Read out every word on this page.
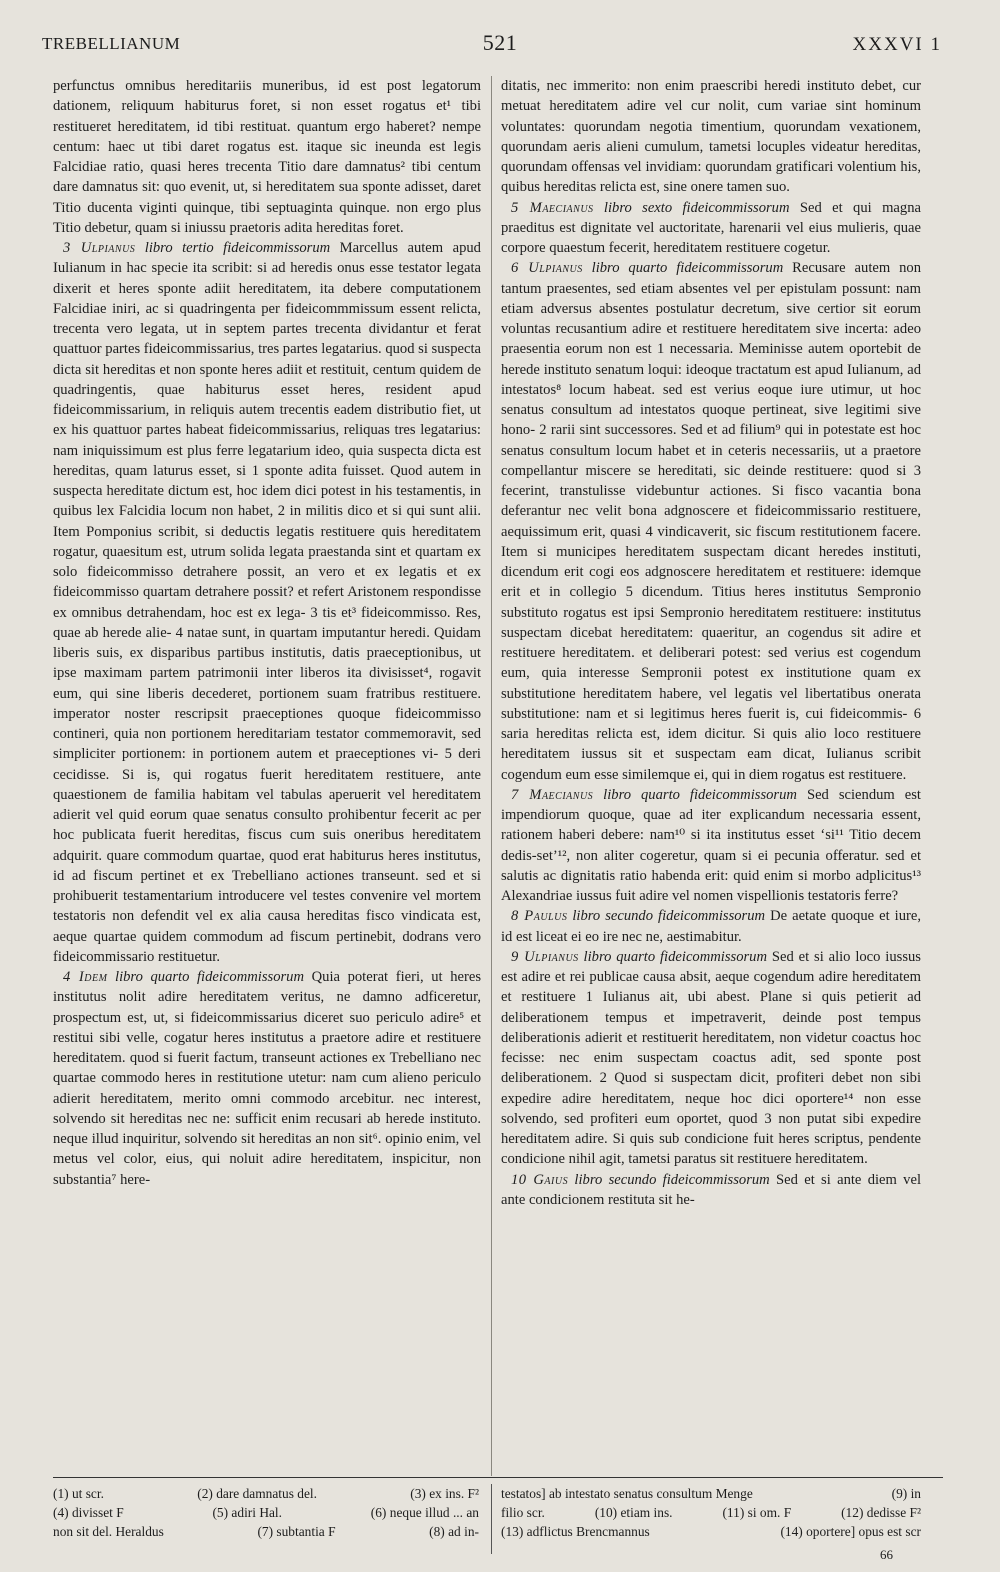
TREBELLIANUM	521	XXXVI 1

perfunctus omnibus hereditariis muneribus, id est post legatorum dationem, reliquum habiturus foret, si non esset rogatus et¹ tibi restitueret hereditatem, id tibi restituat. quantum ergo haberet? nempe centum: haec ut tibi daret rogatus est. itaque sic ineunda est legis Falcidiae ratio, quasi heres trecenta Titio dare damnatus² tibi centum dare damnatus sit: quo evenit, ut, si hereditatem sua sponte adisset, daret Titio ducenta viginti quinque, tibi septuaginta quinque. non ergo plus Titio debetur, quam si iniussu praetoris adita hereditas foret.

3 Ulpianus libro tertio fideicommissorum Marcellus autem apud Iulianum in hac specie ita scribit: si ad heredis onus esse testator legata dixerit et heres sponte adiit hereditatem, ita debere computationem Falcidiae iniri, ac si quadringenta per fideicommmissum essent relicta, trecenta vero legata, ut in septem partes trecenta dividantur et ferat quattuor partes fideicommissarius, tres partes legatarius. quod si suspecta dicta sit hereditas et non sponte heres adiit et restituit, centum quidem de quadringentis, quae habiturus esset heres, resident apud fideicommissarium, in reliquis autem trecentis eadem distributio fiet, ut ex his quattuor partes habeat fideicommissarius, reliquas tres legatarius: nam iniquissimum est plus ferre legatarium ideo, quia suspecta dicta est hereditas, quam laturus esset, si 1 sponte adita fuisset. Quod autem in suspecta hereditate dictum est, hoc idem dici potest in his testamentis, in quibus lex Falcidia locum non habet, 2 in militis dico et si qui sunt alii. Item Pomponius scribit, si deductis legatis restituere quis hereditatem rogatur, quaesitum est, utrum solida legata praestanda sint et quartam ex solo fideicommisso detrahere possit, an vero et ex legatis et ex fideicommisso quartam detrahere possit? et refert Aristonem respondisse ex omnibus detrahendam, hoc est ex lega- 3 tis et³ fideicommisso. Res, quae ab herede alie- 4 natae sunt, in quartam imputantur heredi. Quidam liberis suis, ex disparibus partibus institutis, datis praeceptionibus, ut ipse maximam partem patrimonii inter liberos ita divisisset⁴, rogavit eum, qui sine liberis decederet, portionem suam fratribus restituere. imperator noster rescripsit praeceptiones quoque fideicommisso contineri, quia non portionem hereditariam testator commemoravit, sed simpliciter portionem: in portionem autem et praeceptiones vi- 5 deri cecidisse. Si is, qui rogatus fuerit hereditatem restituere, ante quaestionem de familia habitam vel tabulas aperuerit vel hereditatem adierit vel quid eorum quae senatus consulto prohibentur fecerit ac per hoc publicata fuerit hereditas, fiscus cum suis oneribus hereditatem adquirit. quare commodum quartae, quod erat habiturus heres institutus, id ad fiscum pertinet et ex Trebelliano actiones transeunt. sed et si prohibuerit testamentarium introducere vel testes convenire vel mortem testatoris non defendit vel ex alia causa hereditas fisco vindicata est, aeque quartae quidem commodum ad fiscum pertinebit, dodrans vero fideicommissario restituetur.

4 Idem libro quarto fideicommissorum Quia poterat fieri, ut heres institutus nolit adire hereditatem veritus, ne damno adficeretur, prospectum est, ut, si fideicommissarius diceret suo periculo adire⁵ et restitui sibi velle, cogatur heres institutus a praetore adire et restituere hereditatem. quod si fuerit factum, transeunt actiones ex Trebelliano nec quartae commodo heres in restitutione utetur: nam cum alieno periculo adierit hereditatem, merito omni commodo arcebitur. nec interest, solvendo sit hereditas nec ne: sufficit enim recusari ab herede instituto. neque illud inquiritur, solvendo sit hereditas an non sit⁶. opinio enim, vel metus vel color, eius, qui noluit adire hereditatem, inspicitur, non substantia⁷ here-

ditatis, nec immerito: non enim praescribi heredi instituto debet, cur metuat hereditatem adire vel cur nolit, cum variae sint hominum voluntates: quorundam negotia timentium, quorundam vexationem, quorundam aeris alieni cumulum, tametsi locuples videatur hereditas, quorundam offensas vel invidiam: quorundam gratificari volentium his, quibus hereditas relicta est, sine onere tamen suo.

5 Maecianus libro sexto fideicommissorum Sed et qui magna praeditus est dignitate vel auctoritate, harenarii vel eius mulieris, quae corpore quaestum fecerit, hereditatem restituere cogetur.

6 Ulpianus libro quarto fideicommissorum Recusare autem non tantum praesentes, sed etiam absentes vel per epistulam possunt: nam etiam adversus absentes postulatur decretum, sive certior sit eorum voluntas recusantium adire et restituere hereditatem sive incerta: adeo praesentia eorum non est 1 necessaria. Meminisse autem oportebit de herede instituto senatum loqui: ideoque tractatum est apud Iulianum, ad intestatos⁸ locum habeat. sed est verius eoque iure utimur, ut hoc senatus consultum ad intestatos quoque pertineat, sive legitimi sive hono- 2 rarii sint successores. Sed et ad filium⁹ qui in potestate est hoc senatus consultum locum habet et in ceteris necessariis, ut a praetore compellantur miscere se hereditati, sic deinde restituere: quod si 3 fecerint, transtulisse videbuntur actiones. Si fisco vacantia bona deferantur nec velit bona adgnoscere et fideicommissario restituere, aequissimum erit, quasi 4 vindicaverit, sic fiscum restitutionem facere. Item si municipes hereditatem suspectam dicant heredes instituti, dicendum erit cogi eos adgnoscere hereditatem et restituere: idemque erit et in collegio 5 dicendum. Titius heres institutus Sempronio substituto rogatus est ipsi Sempronio hereditatem restituere: institutus suspectam dicebat hereditatem: quaeritur, an cogendus sit adire et restituere hereditatem. et deliberari potest: sed verius est cogendum eum, quia interesse Sempronii potest ex institutione quam ex substitutione hereditatem habere, vel legatis vel libertatibus onerata substitutione: nam et si legitimus heres fuerit is, cui fideicommis- 6 saria hereditas relicta est, idem dicitur. Si quis alio loco restituere hereditatem iussus sit et suspectam eam dicat, Iulianus scribit cogendum eum esse similemque ei, qui in diem rogatus est restituere.

7 Maecianus libro quarto fideicommissorum Sed sciendum est impendiorum quoque, quae ad iter explicandum necessaria essent, rationem haberi debere: nam¹⁰ si ita institutus esset ‘si¹¹ Titio decem dedis-set’¹², non aliter cogeretur, quam si ei pecunia offeratur. sed et salutis ac dignitatis ratio habenda erit: quid enim si morbo adplicitus¹³ Alexandriae iussus fuit adire vel nomen vispellionis testatoris ferre?

8 Paulus libro secundo fideicommissorum De aetate quoque et iure, id est liceat ei eo ire nec ne, aestimabitur.

9 Ulpianus libro quarto fideicommissorum Sed et si alio loco iussus est adire et rei publicae causa absit, aeque cogendum adire hereditatem et restituere 1 Iulianus ait, ubi abest. Plane si quis petierit ad deliberationem tempus et impetraverit, deinde post tempus deliberationis adierit et restituerit hereditatem, non videtur coactus hoc fecisse: nec enim suspectam coactus adit, sed sponte post deliberationem. 2 Quod si suspectam dicit, profiteri debet non sibi expedire adire hereditatem, neque hoc dici oportere¹⁴ non esse solvendo, sed profiteri eum oportet, quod 3 non putat sibi expedire hereditatem adire. Si quis sub condicione fuit heres scriptus, pendente condicione nihil agit, tametsi paratus sit restituere hereditatem.

10 Gaius libro secundo fideicommissorum Sed et si ante diem vel ante condicionem restituta sit he-

(1) ut scr.	(2) dare damnatus del.	(3) ex ins. F²
(4) divisset F	(5) adiri Hal.	(6) neque illud ... an
non sit del. Heraldus	(7) subtantia F	(8) ad in-
testatos] ab intestato senatus consultum Menge	(9) in
filio scr.	(10) etiam ins.	(11) si om. F	(12) dedisse F²
(13) adflictus Brencmannus	(14) oportere] opus est scr
66
